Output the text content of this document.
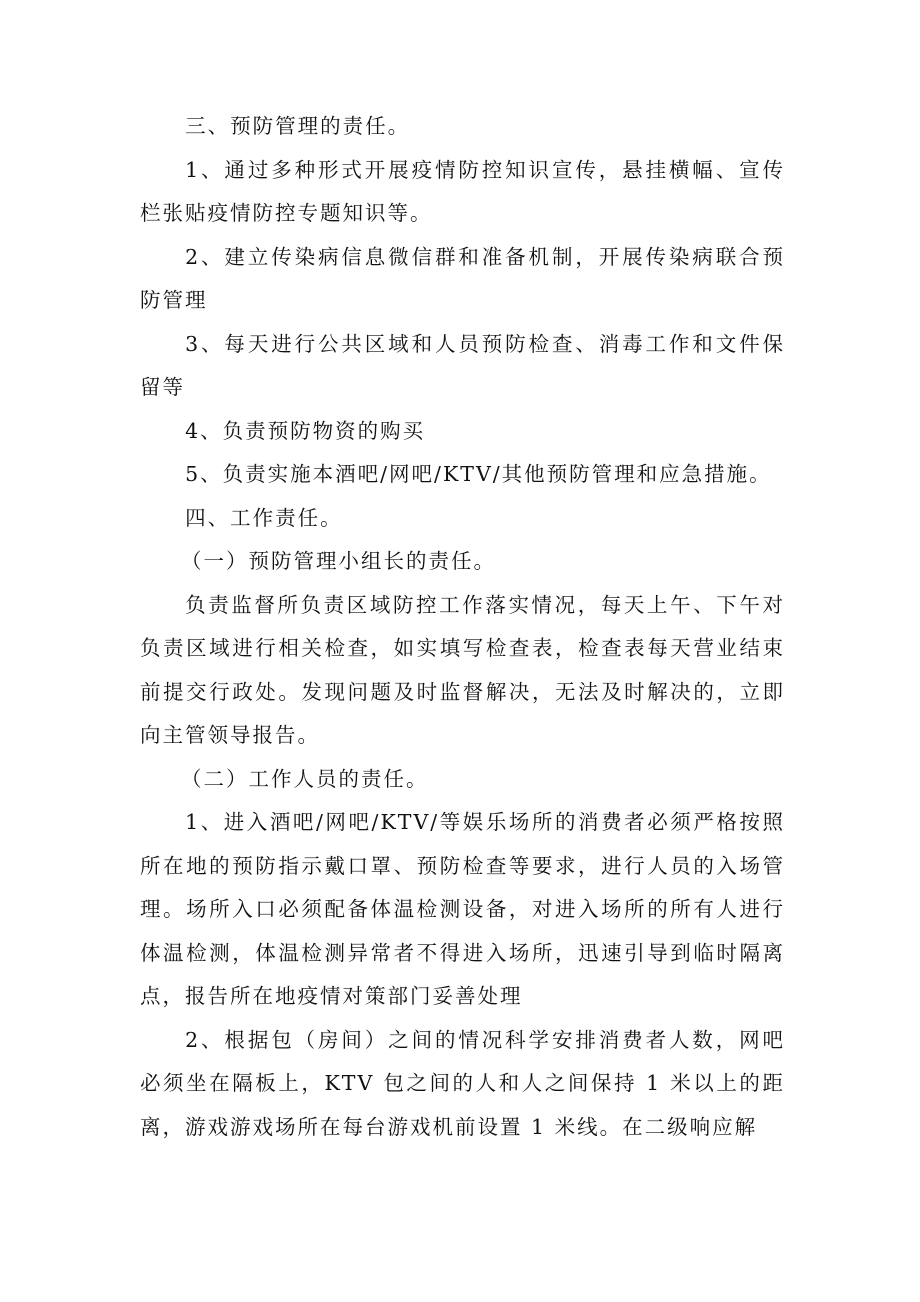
三、预防管理的责任。

1、通过多种形式开展疫情防控知识宣传，悬挂横幅、宣传栏张贴疫情防控专题知识等。

2、建立传染病信息微信群和准备机制，开展传染病联合预防管理

3、每天进行公共区域和人员预防检查、消毒工作和文件保留等

4、负责预防物资的购买

5、负责实施本酒吧/网吧/KTV/其他预防管理和应急措施。

四、工作责任。

（一）预防管理小组长的责任。

负责监督所负责区域防控工作落实情况，每天上午、下午对负责区域进行相关检查，如实填写检查表，检查表每天营业结束前提交行政处。发现问题及时监督解决，无法及时解决的，立即向主管领导报告。

（二）工作人员的责任。

1、进入酒吧/网吧/KTV/等娱乐场所的消费者必须严格按照所在地的预防指示戴口罩、预防检查等要求，进行人员的入场管理。场所入口必须配备体温检测设备，对进入场所的所有人进行体温检测，体温检测异常者不得进入场所，迅速引导到临时隔离点，报告所在地疫情对策部门妥善处理

2、根据包（房间）之间的情况科学安排消费者人数，网吧必须坐在隔板上，KTV 包之间的人和人之间保持 1 米以上的距离，游戏游戏场所在每台游戏机前设置 1 米线。在二级响应解
